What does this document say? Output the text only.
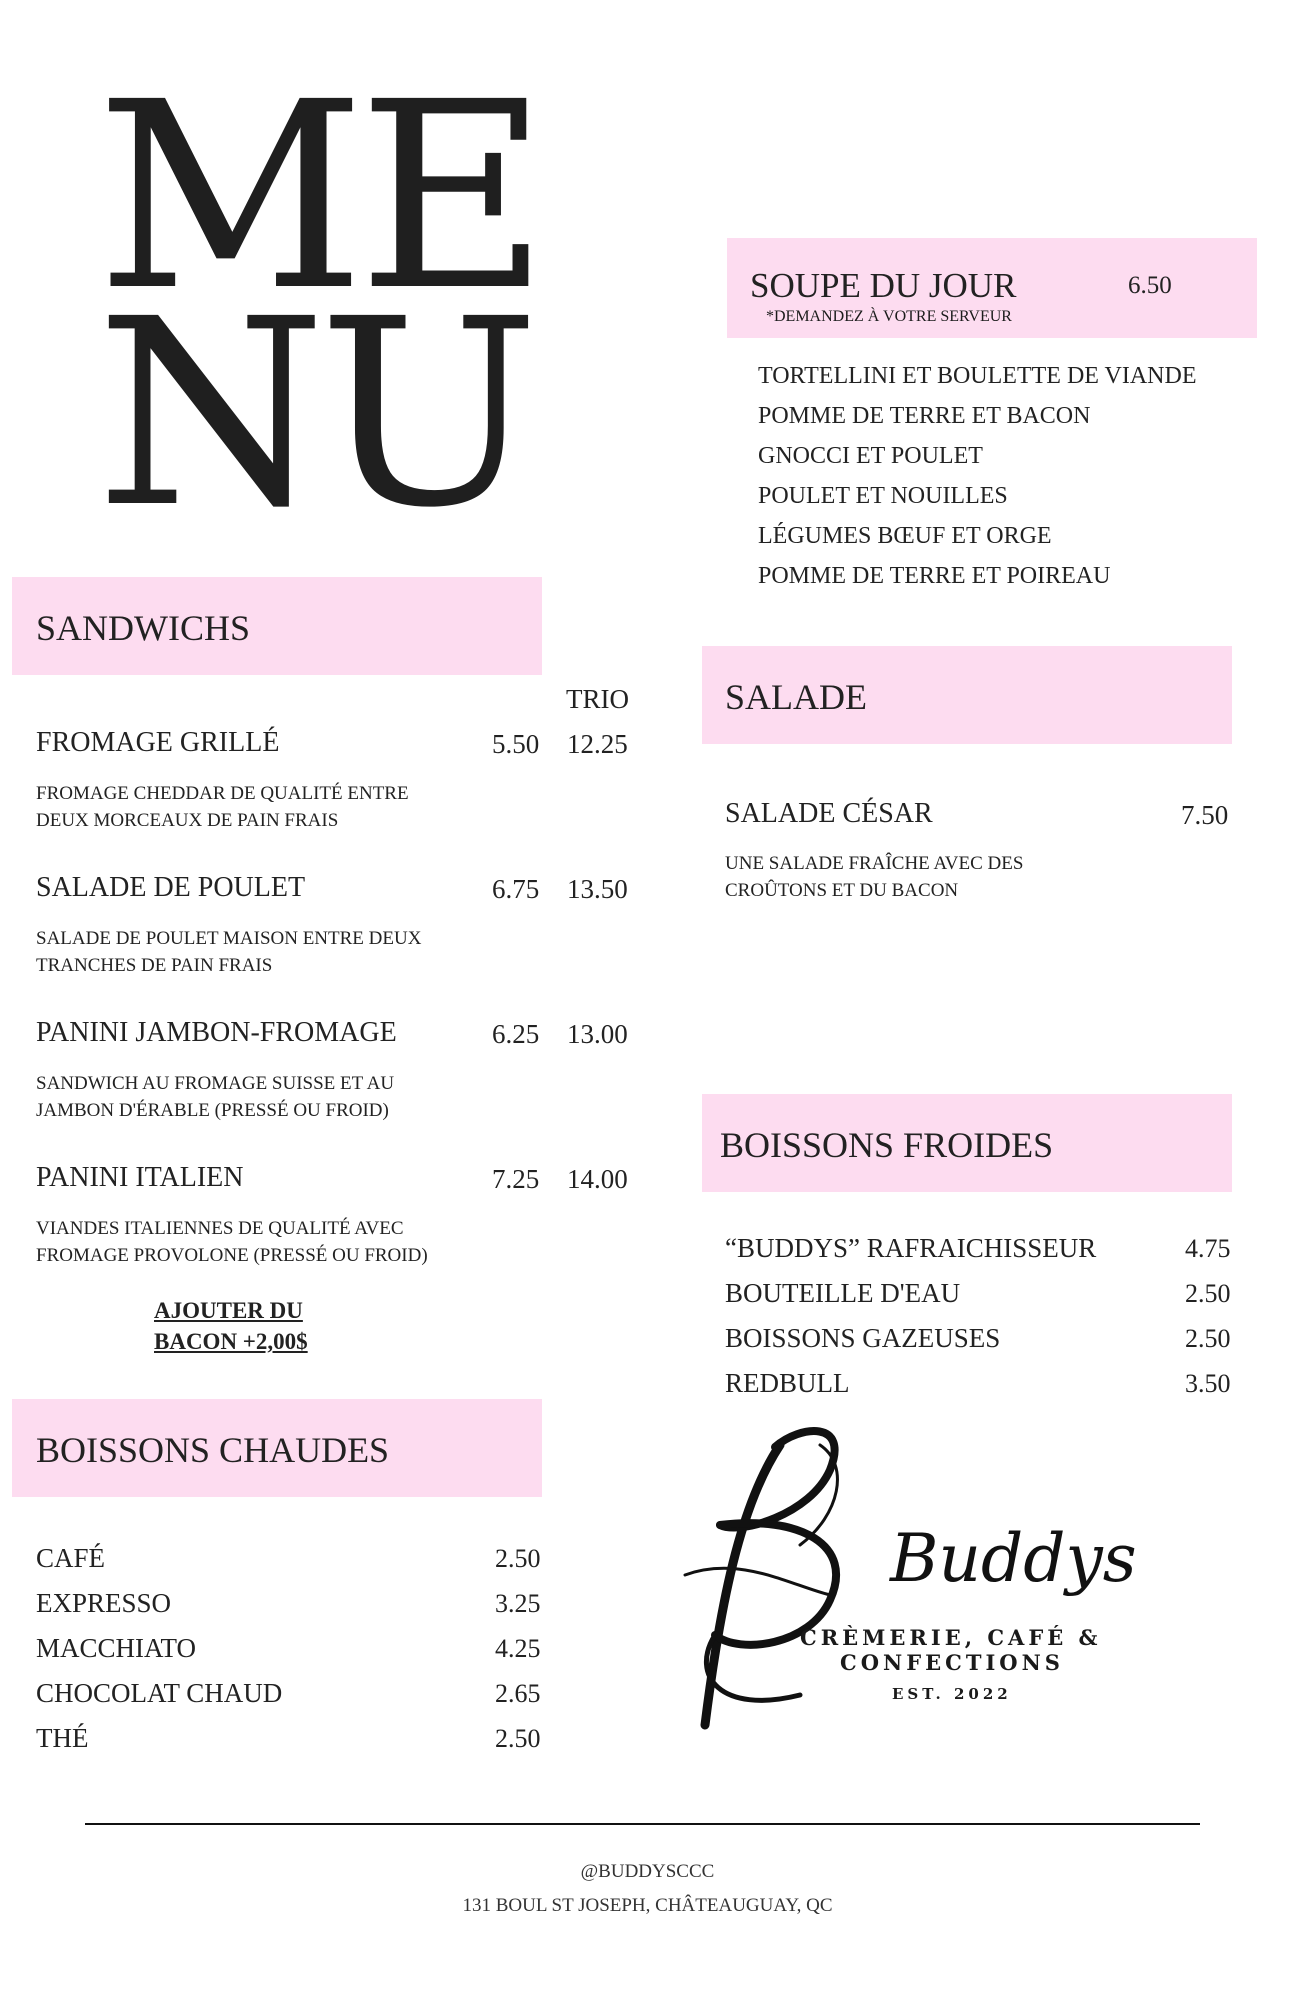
ME
NU	SOUPE DU JOUR	6.50
*DEMANDEZ À VOTRE SERVEUR
TORTELLINI ET BOULETTE DE VIANDE
POMME DE TERRE ET BACON
GNOCCI ET POULET
POULET ET NOUILLES
LÉGUMES BŒUF ET ORGE
POMME DE TERRE ET POIREAU
SANDWICHS
TRIO
FROMAGE GRILLÉ	5.50 12.25
FROMAGE CHEDDAR DE QUALITÉ ENTRE
DEUX MORCEAUX DE PAIN FRAIS
SALADE DE POULET	6.75 13.50
SALADE DE POULET MAISON ENTRE DEUX
TRANCHES DE PAIN FRAIS
PANINI JAMBON-FROMAGE	6.25 13.00
SANDWICH AU FROMAGE SUISSE ET AU
JAMBON D'ÉRABLE (PRESSÉ OU FROID)
PANINI ITALIEN	7.25 14.00
VIANDES ITALIENNES DE QUALITÉ AVEC
FROMAGE PROVOLONE (PRESSÉ OU FROID)
AJOUTER DU
BACON +2,00$
SALADE
SALADE CÉSAR	7.50
UNE SALADE FRAÎCHE AVEC DES
CROÛTONS ET DU BACON
BOISSONS FROIDES
“BUDDYS” RAFRAICHISSEUR	4.75
BOUTEILLE D'EAU	2.50
BOISSONS GAZEUSES	2.50
REDBULL	3.50
BOISSONS CHAUDES
CAFÉ	2.50
EXPRESSO	3.25
MACCHIATO	4.25
CHOCOLAT CHAUD	2.65
THÉ	2.50
Buddys
CRÈMERIE, CAFÉ &
CONFECTIONS
EST. 2022
@BUDDYSCCC
131 BOUL ST JOSEPH, CHÂTEAUGUAY, QC
